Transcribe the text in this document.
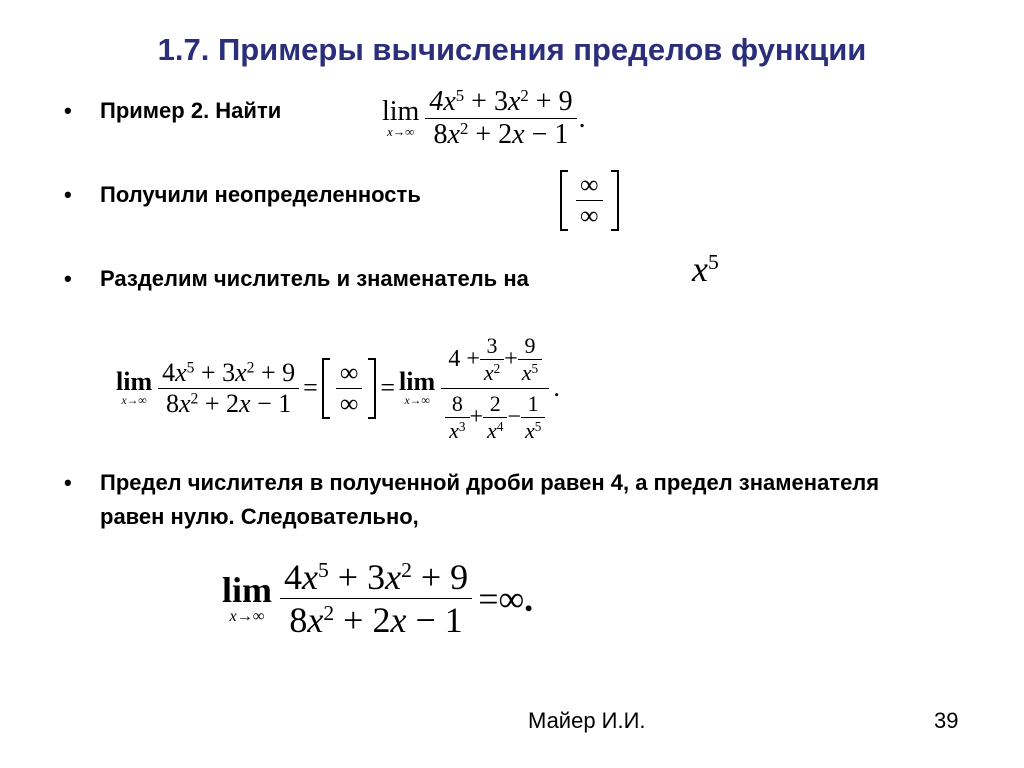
1.7. Примеры вычисления пределов функции
• Пример 2. Найти	lim
$x\to\infty \frac{4x^5 + 3x^2 + 9}{8x^2 + 2x - 1}$ .
• Получили неопределенность	$\frac{\infty}{\infty}$
• Разделим числитель и знаменатель на	$x^5$
lim
$x\to\infty \frac{4x^5 + 3x^2 + 9}{8x^2 + 2x - 1} = \frac{\infty}{\infty} = \lim$
$x\to\infty \frac{4 + \frac{3}{x^2} + \frac{9}{x^5}}{\frac{8}{x^3} + \frac{2}{x^4} - \frac{1}{x^5}}$ .
• Предел числителя в полученной дроби равен 4, а предел знаменателя равен нулю. Следовательно,
lim
$x\to\infty \frac{4x^5 + 3x^2 + 9}{8x^2 + 2x - 1}$ = ∞ .
Майер И.И.	39
